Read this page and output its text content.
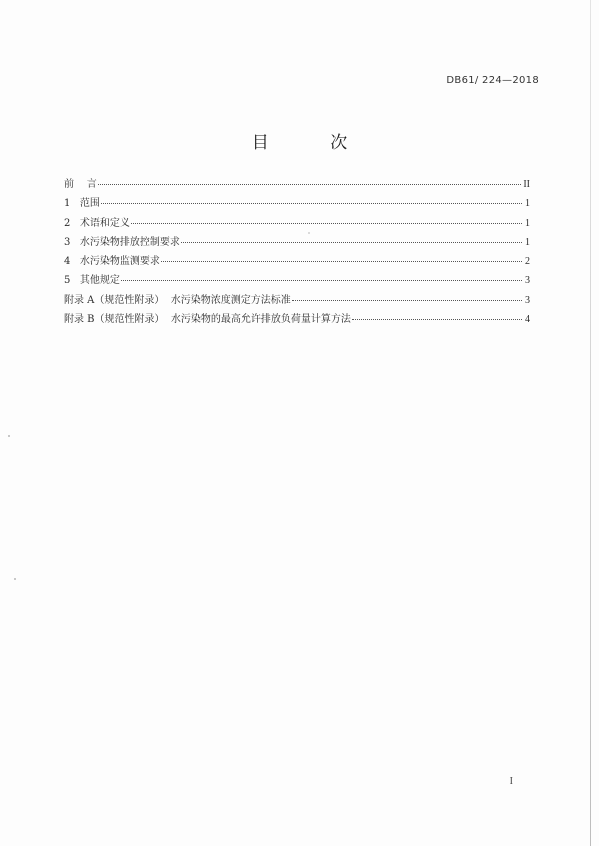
DB61/ 224—2018
目 次
前    言	II
1   范围	1
2   术语和定义	1
3   水污染物排放控制要求	1
4   水污染物监测要求	2
5   其他规定	3
附录 A（规范性附录）  水污染物浓度测定方法标准	3
附录 B（规范性附录）  水污染物的最高允许排放负荷量计算方法	4
I
